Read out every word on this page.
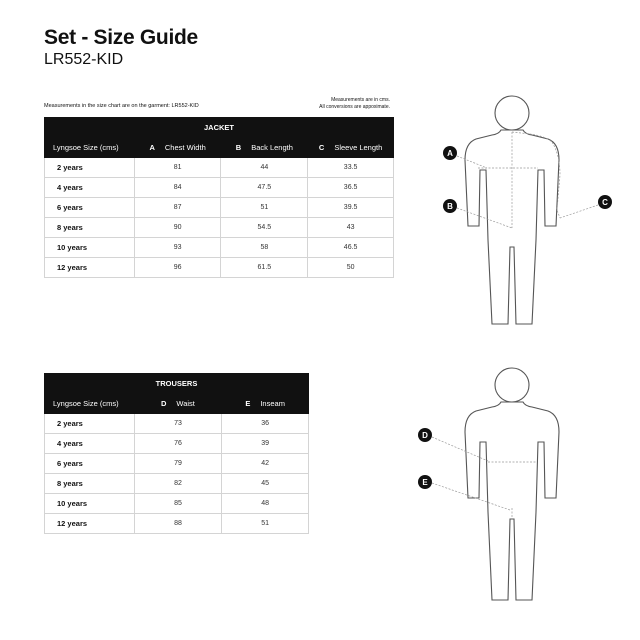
Set - Size Guide
LR552-KID
Measurements in the size chart are on the garment: LR552-KID
Measurements are in cms.
All conversions are appoximate.
JACKET			
Lyngsoe Size (cms)	A Chest Width	B Back Length	C Sleeve Length
2 years	81	44	33.5
4 years	84	47.5	36.5
6 years	87	51	39.5
8 years	90	54.5	43
10 years	93	58	46.5
12 years	96	61.5	50
TROUSERS		
Lyngsoe Size (cms)	D Waist	E Inseam
2 years	73	36
4 years	76	39
6 years	79	42
8 years	82	45
10 years	85	48
12 years	88	51
A
B	C
D
E
